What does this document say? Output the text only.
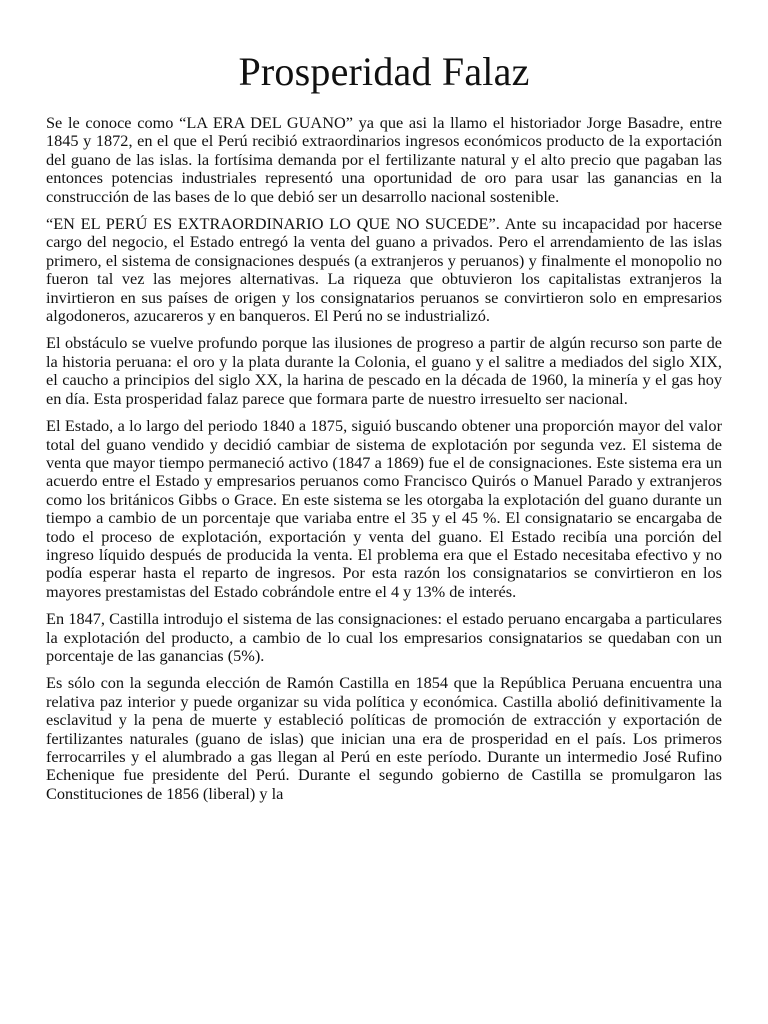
Prosperidad Falaz

Se le conoce como “LA ERA DEL GUANO” ya que asi la llamo el historiador Jorge Basadre, entre 1845 y 1872, en el que el Perú recibió extraordinarios ingresos económicos producto de la exportación del guano de las islas. la fortísima demanda por el fertilizante natural y el alto precio que pagaban las entonces potencias industriales representó una oportunidad de oro para usar las ganancias en la construcción de las bases de lo que debió ser un desarrollo nacional sostenible.

“EN EL PERÚ ES EXTRAORDINARIO LO QUE NO SUCEDE”. Ante su incapacidad por hacerse cargo del negocio, el Estado entregó la venta del guano a privados. Pero el arrendamiento de las islas primero, el sistema de consignaciones después (a extranjeros y peruanos) y finalmente el monopolio no fueron tal vez las mejores alternativas. La riqueza que obtuvieron los capitalistas extranjeros la invirtieron en sus países de origen y los consignatarios peruanos se convirtieron solo en empresarios algodoneros, azucareros y en banqueros. El Perú no se industrializó.

El obstáculo se vuelve profundo porque las ilusiones de progreso a partir de algún recurso son parte de la historia peruana: el oro y la plata durante la Colonia, el guano y el salitre a mediados del siglo XIX, el caucho a principios del siglo XX, la harina de pescado en la década de 1960, la minería y el gas hoy en día. Esta prosperidad falaz parece que formara parte de nuestro irresuelto ser nacional.

El Estado, a lo largo del periodo 1840 a 1875, siguió buscando obtener una proporción mayor del valor total del guano vendido y decidió cambiar de sistema de explotación por segunda vez. El sistema de venta que mayor tiempo permaneció activo (1847 a 1869) fue el de consignaciones. Este sistema era un acuerdo entre el Estado y empresarios peruanos como Francisco Quirós o Manuel Parado y extranjeros como los británicos Gibbs o Grace. En este sistema se les otorgaba la explotación del guano durante un tiempo a cambio de un porcentaje que variaba entre el 35 y el 45 %. El consignatario se encargaba de todo el proceso de explotación, exportación y venta del guano. El Estado recibía una porción del ingreso líquido después de producida la venta. El problema era que el Estado necesitaba efectivo y no podía esperar hasta el reparto de ingresos. Por esta razón los consignatarios se convirtieron en los mayores prestamistas del Estado cobrándole entre el 4 y 13% de interés.

En 1847, Castilla introdujo el sistema de las consignaciones: el estado peruano encargaba a particulares la explotación del producto, a cambio de lo cual los empresarios consignatarios se quedaban con un porcentaje de las ganancias (5%).

Es sólo con la segunda elección de Ramón Castilla en 1854 que la República Peruana encuentra una relativa paz interior y puede organizar su vida política y económica. Castilla abolió definitivamente la esclavitud y la pena de muerte y estableció políticas de promoción de extracción y exportación de fertilizantes naturales (guano de islas) que inician una era de prosperidad en el país. Los primeros ferrocarriles y el alumbrado a gas llegan al Perú en este período. Durante un intermedio José Rufino Echenique fue presidente del Perú. Durante el segundo gobierno de Castilla se promulgaron las Constituciones de 1856 (liberal) y la
